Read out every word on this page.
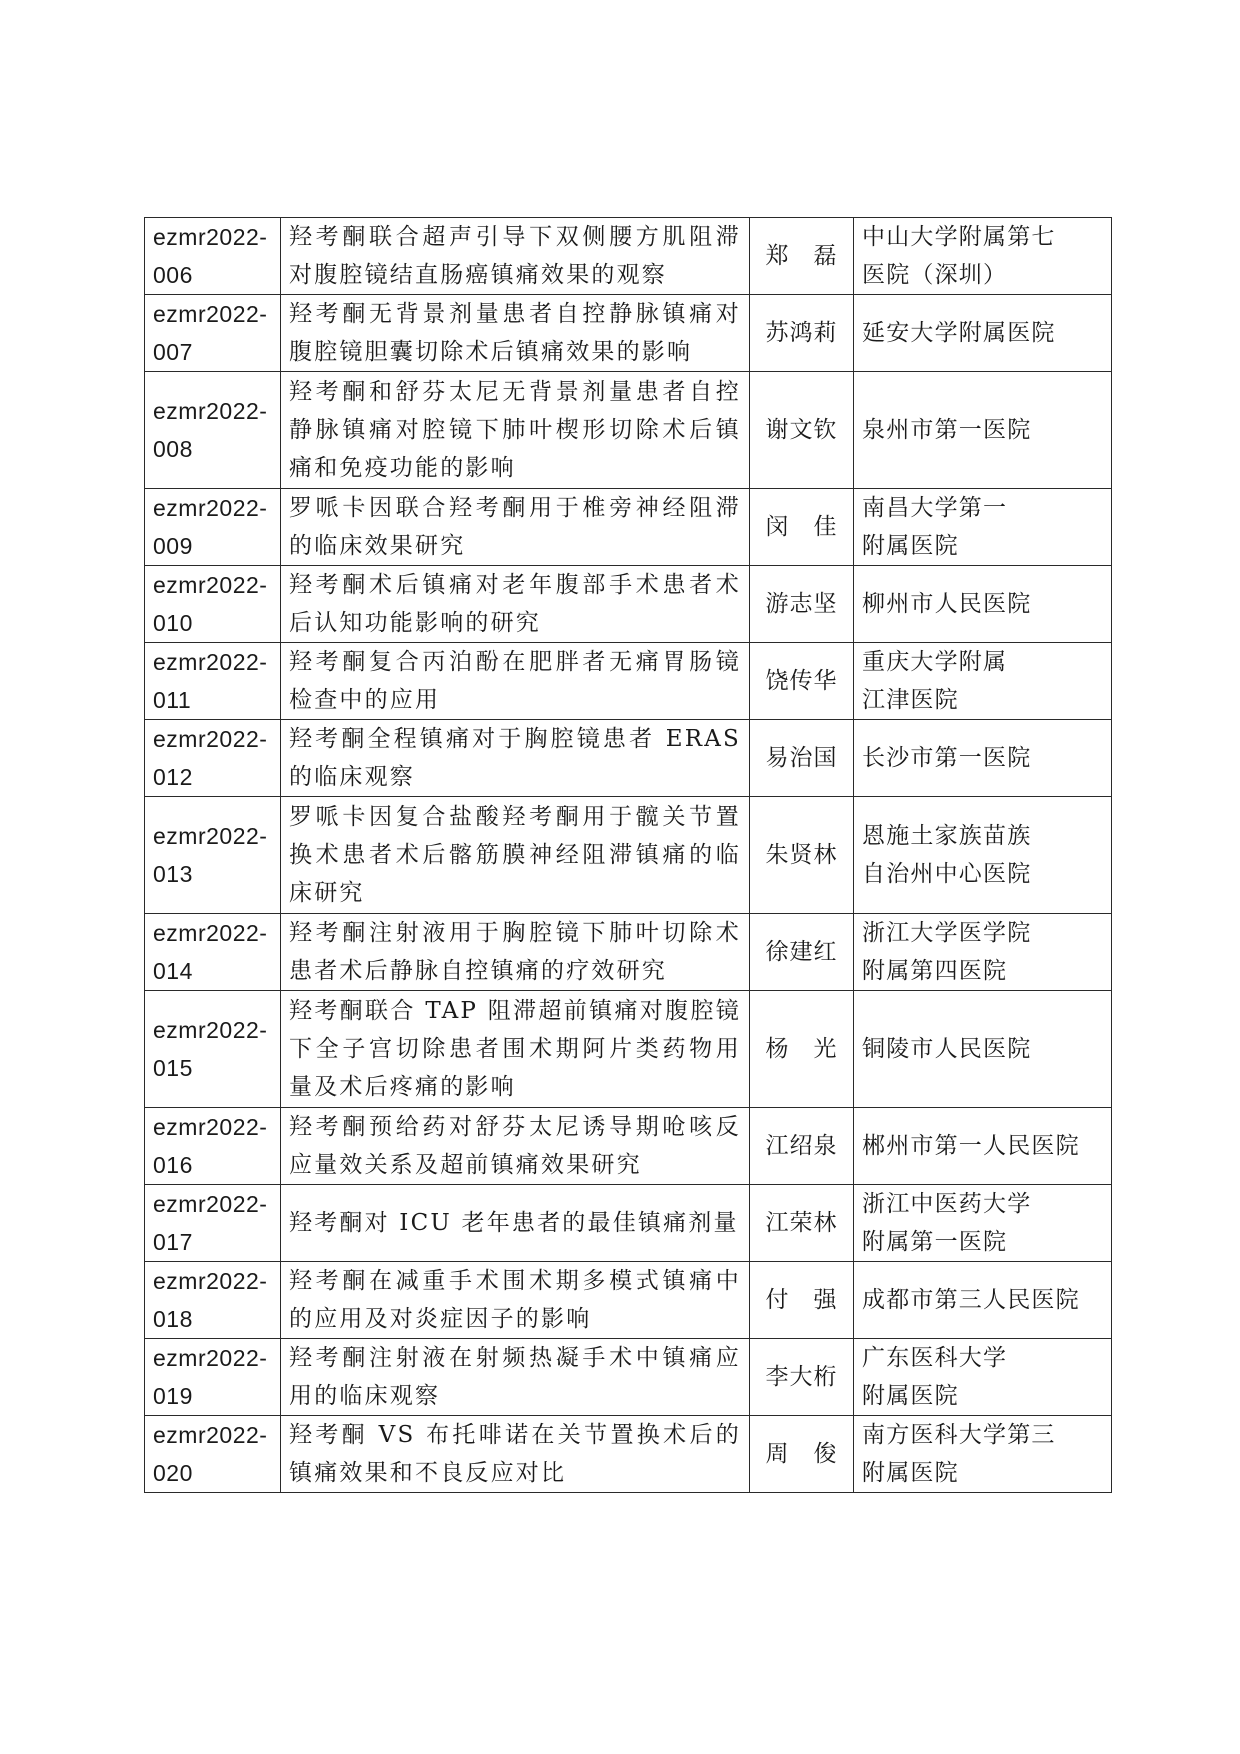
ezmr2022-
006	羟考酮联合超声引导下双侧腰方肌阻滞对腹腔镜结直肠癌镇痛效果的观察	郑　磊	中山大学附属第七
医院（深圳）
ezmr2022-
007	羟考酮无背景剂量患者自控静脉镇痛对腹腔镜胆囊切除术后镇痛效果的影响	苏鸿莉	延安大学附属医院
ezmr2022-
008	羟考酮和舒芬太尼无背景剂量患者自控静脉镇痛对腔镜下肺叶楔形切除术后镇痛和免疫功能的影响	谢文钦	泉州市第一医院
ezmr2022-
009	罗哌卡因联合羟考酮用于椎旁神经阻滞的临床效果研究	闵　佳	南昌大学第一
附属医院
ezmr2022-
010	羟考酮术后镇痛对老年腹部手术患者术后认知功能影响的研究	游志坚	柳州市人民医院
ezmr2022-
011	羟考酮复合丙泊酚在肥胖者无痛胃肠镜检查中的应用	饶传华	重庆大学附属
江津医院
ezmr2022-
012	羟考酮全程镇痛对于胸腔镜患者 ERAS 的临床观察	易治国	长沙市第一医院
ezmr2022-
013	罗哌卡因复合盐酸羟考酮用于髋关节置换术患者术后髂筋膜神经阻滞镇痛的临床研究	朱贤林	恩施土家族苗族
自治州中心医院
ezmr2022-
014	羟考酮注射液用于胸腔镜下肺叶切除术患者术后静脉自控镇痛的疗效研究	徐建红	浙江大学医学院
附属第四医院
ezmr2022-
015	羟考酮联合 TAP 阻滞超前镇痛对腹腔镜下全子宫切除患者围术期阿片类药物用量及术后疼痛的影响	杨　光	铜陵市人民医院
ezmr2022-
016	羟考酮预给药对舒芬太尼诱导期呛咳反应量效关系及超前镇痛效果研究	江绍泉	郴州市第一人民医院
ezmr2022-
017	羟考酮对 ICU 老年患者的最佳镇痛剂量	江荣林	浙江中医药大学
附属第一医院
ezmr2022-
018	羟考酮在减重手术围术期多模式镇痛中的应用及对炎症因子的影响	付　强	成都市第三人民医院
ezmr2022-
019	羟考酮注射液在射频热凝手术中镇痛应用的临床观察	李大桁	广东医科大学
附属医院
ezmr2022-
020	羟考酮 VS 布托啡诺在关节置换术后的镇痛效果和不良反应对比	周　俊	南方医科大学第三
附属医院
